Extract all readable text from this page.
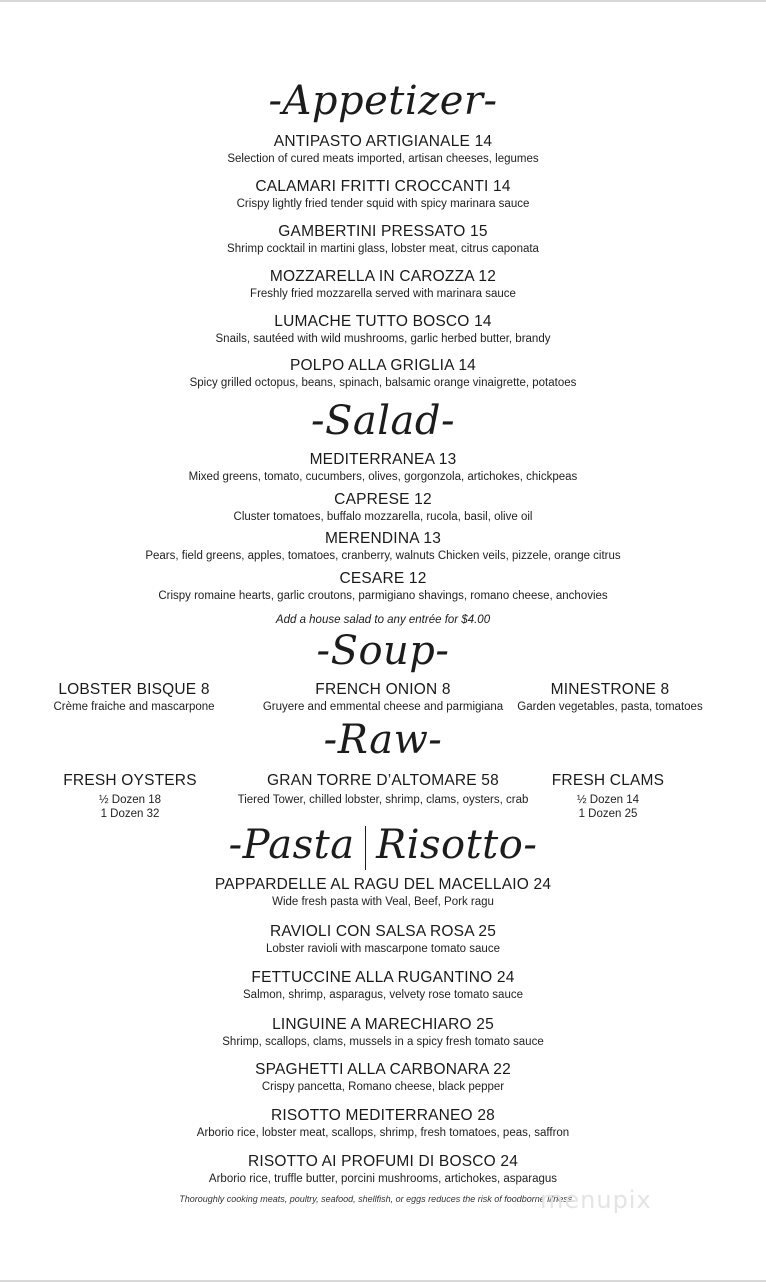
-Appetizer-
ANTIPASTO ARTIGIANALE 14
Selection of cured meats imported, artisan cheeses, legumes
CALAMARI FRITTI CROCCANTI 14
Crispy lightly fried tender squid with spicy marinara sauce
GAMBERTINI PRESSATO 15
Shrimp cocktail in martini glass, lobster meat, citrus caponata
MOZZARELLA IN CAROZZA 12
Freshly fried mozzarella served with marinara sauce
LUMACHE TUTTO BOSCO 14
Snails, sautéed with wild mushrooms, garlic herbed butter, brandy
POLPO ALLA GRIGLIA 14
Spicy grilled octopus, beans, spinach, balsamic orange vinaigrette, potatoes
-Salad-
MEDITERRANEA 13
Mixed greens, tomato, cucumbers, olives, gorgonzola, artichokes, chickpeas
CAPRESE 12
Cluster tomatoes, buffalo mozzarella, rucola, basil, olive oil
MERENDINA 13
Pears, field greens, apples, tomatoes, cranberry, walnuts Chicken veils, pizzele, orange citrus
CESARE 12
Crispy romaine hearts, garlic croutons, parmigiano shavings, romano cheese, anchovies
Add a house salad to any entrée for $4.00
-Soup-
LOBSTER BISQUE 8
Crème fraiche and mascarpone
FRENCH ONION 8
Gruyere and emmental cheese and parmigiana
MINESTRONE 8
Garden vegetables, pasta, tomatoes
-Raw-
FRESH OYSTERS
½ Dozen 18
1 Dozen 32
GRAN TORRE D’ALTOMARE 58
Tiered Tower, chilled lobster, shrimp, clams, oysters, crab
FRESH CLAMS
½ Dozen 14
1 Dozen 25
-Pasta Risotto-
PAPPARDELLE AL RAGU DEL MACELLAIO 24
Wide fresh pasta with Veal, Beef, Pork ragu
RAVIOLI CON SALSA ROSA 25
Lobster ravioli with mascarpone tomato sauce
FETTUCCINE ALLA RUGANTINO 24
Salmon, shrimp, asparagus, velvety rose tomato sauce
LINGUINE A MARECHIARO 25
Shrimp, scallops, clams, mussels in a spicy fresh tomato sauce
SPAGHETTI ALLA CARBONARA 22
Crispy pancetta, Romano cheese, black pepper
RISOTTO MEDITERRANEO 28
Arborio rice, lobster meat, scallops, shrimp, fresh tomatoes, peas, saffron
RISOTTO AI PROFUMI DI BOSCO 24
Arborio rice, truffle butter, porcini mushrooms, artichokes, asparagus
Thoroughly cooking meats, poultry, seafood, shellfish, or eggs reduces the risk of foodborne illness.
menupix
